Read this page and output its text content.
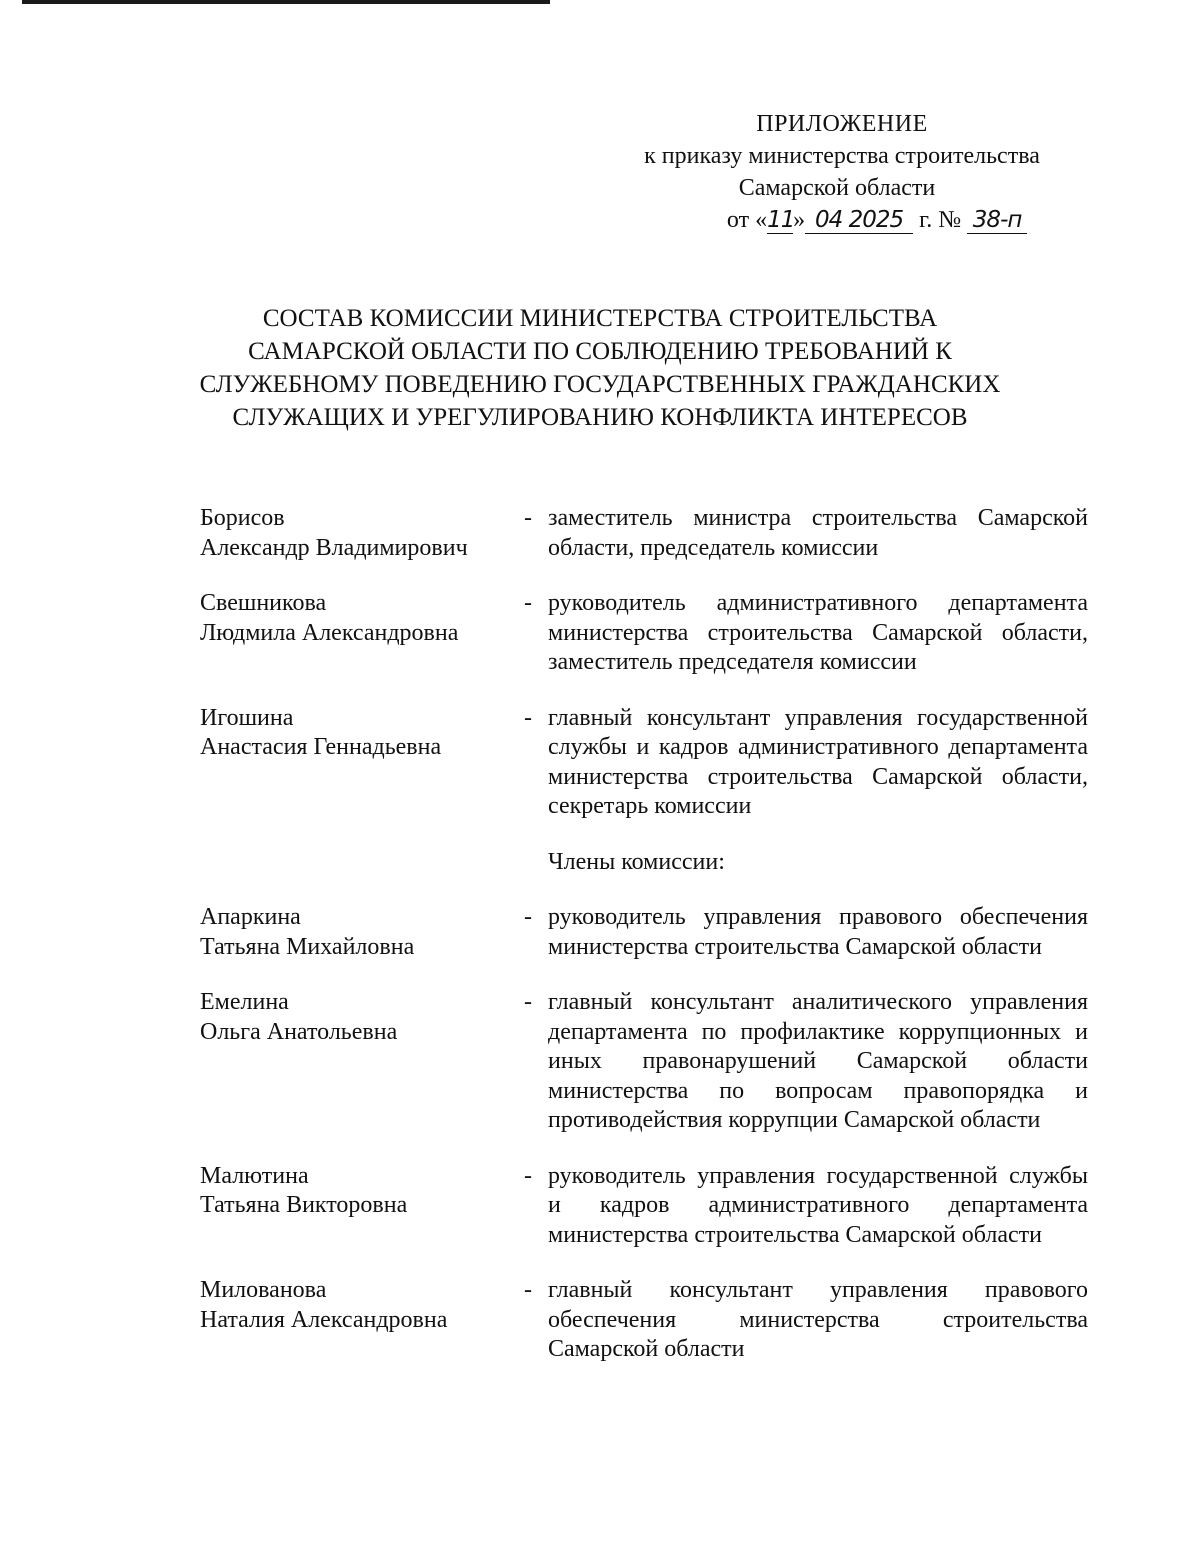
ПРИЛОЖЕНИЕ
к приказу министерства строительства
Самарской области
от «11» 04 2025 г. № 38-п
СОСТАВ КОМИССИИ МИНИСТЕРСТВА СТРОИТЕЛЬСТВА
САМАРСКОЙ ОБЛАСТИ ПО СОБЛЮДЕНИЮ ТРЕБОВАНИЙ К
СЛУЖЕБНОМУ ПОВЕДЕНИЮ ГОСУДАРСТВЕННЫХ ГРАЖДАНСКИХ
СЛУЖАЩИХ И УРЕГУЛИРОВАНИЮ КОНФЛИКТА ИНТЕРЕСОВ
Борисов
Александр Владимирович
- заместитель министра строительства Самарской области, председатель комиссии
Свешникова
Людмила Александровна
- руководитель административного департамента министерства строительства Самарской области, заместитель председателя комиссии
Игошина
Анастасия Геннадьевна
- главный консультант управления государственной службы и кадров административного департамента министерства строительства Самарской области, секретарь комиссии
Члены комиссии:
Апаркина
Татьяна Михайловна
- руководитель управления правового обеспечения министерства строительства Самарской области
Емелина
Ольга Анатольевна
- главный консультант аналитического управления департамента по профилактике коррупционных и иных правонарушений Самарской области министерства по вопросам правопорядка и противодействия коррупции Самарской области
Малютина
Татьяна Викторовна
- руководитель управления государственной службы и кадров административного департамента министерства строительства Самарской области
Милованова
Наталия Александровна
- главный консультант управления правового обеспечения министерства строительства Самарской области
